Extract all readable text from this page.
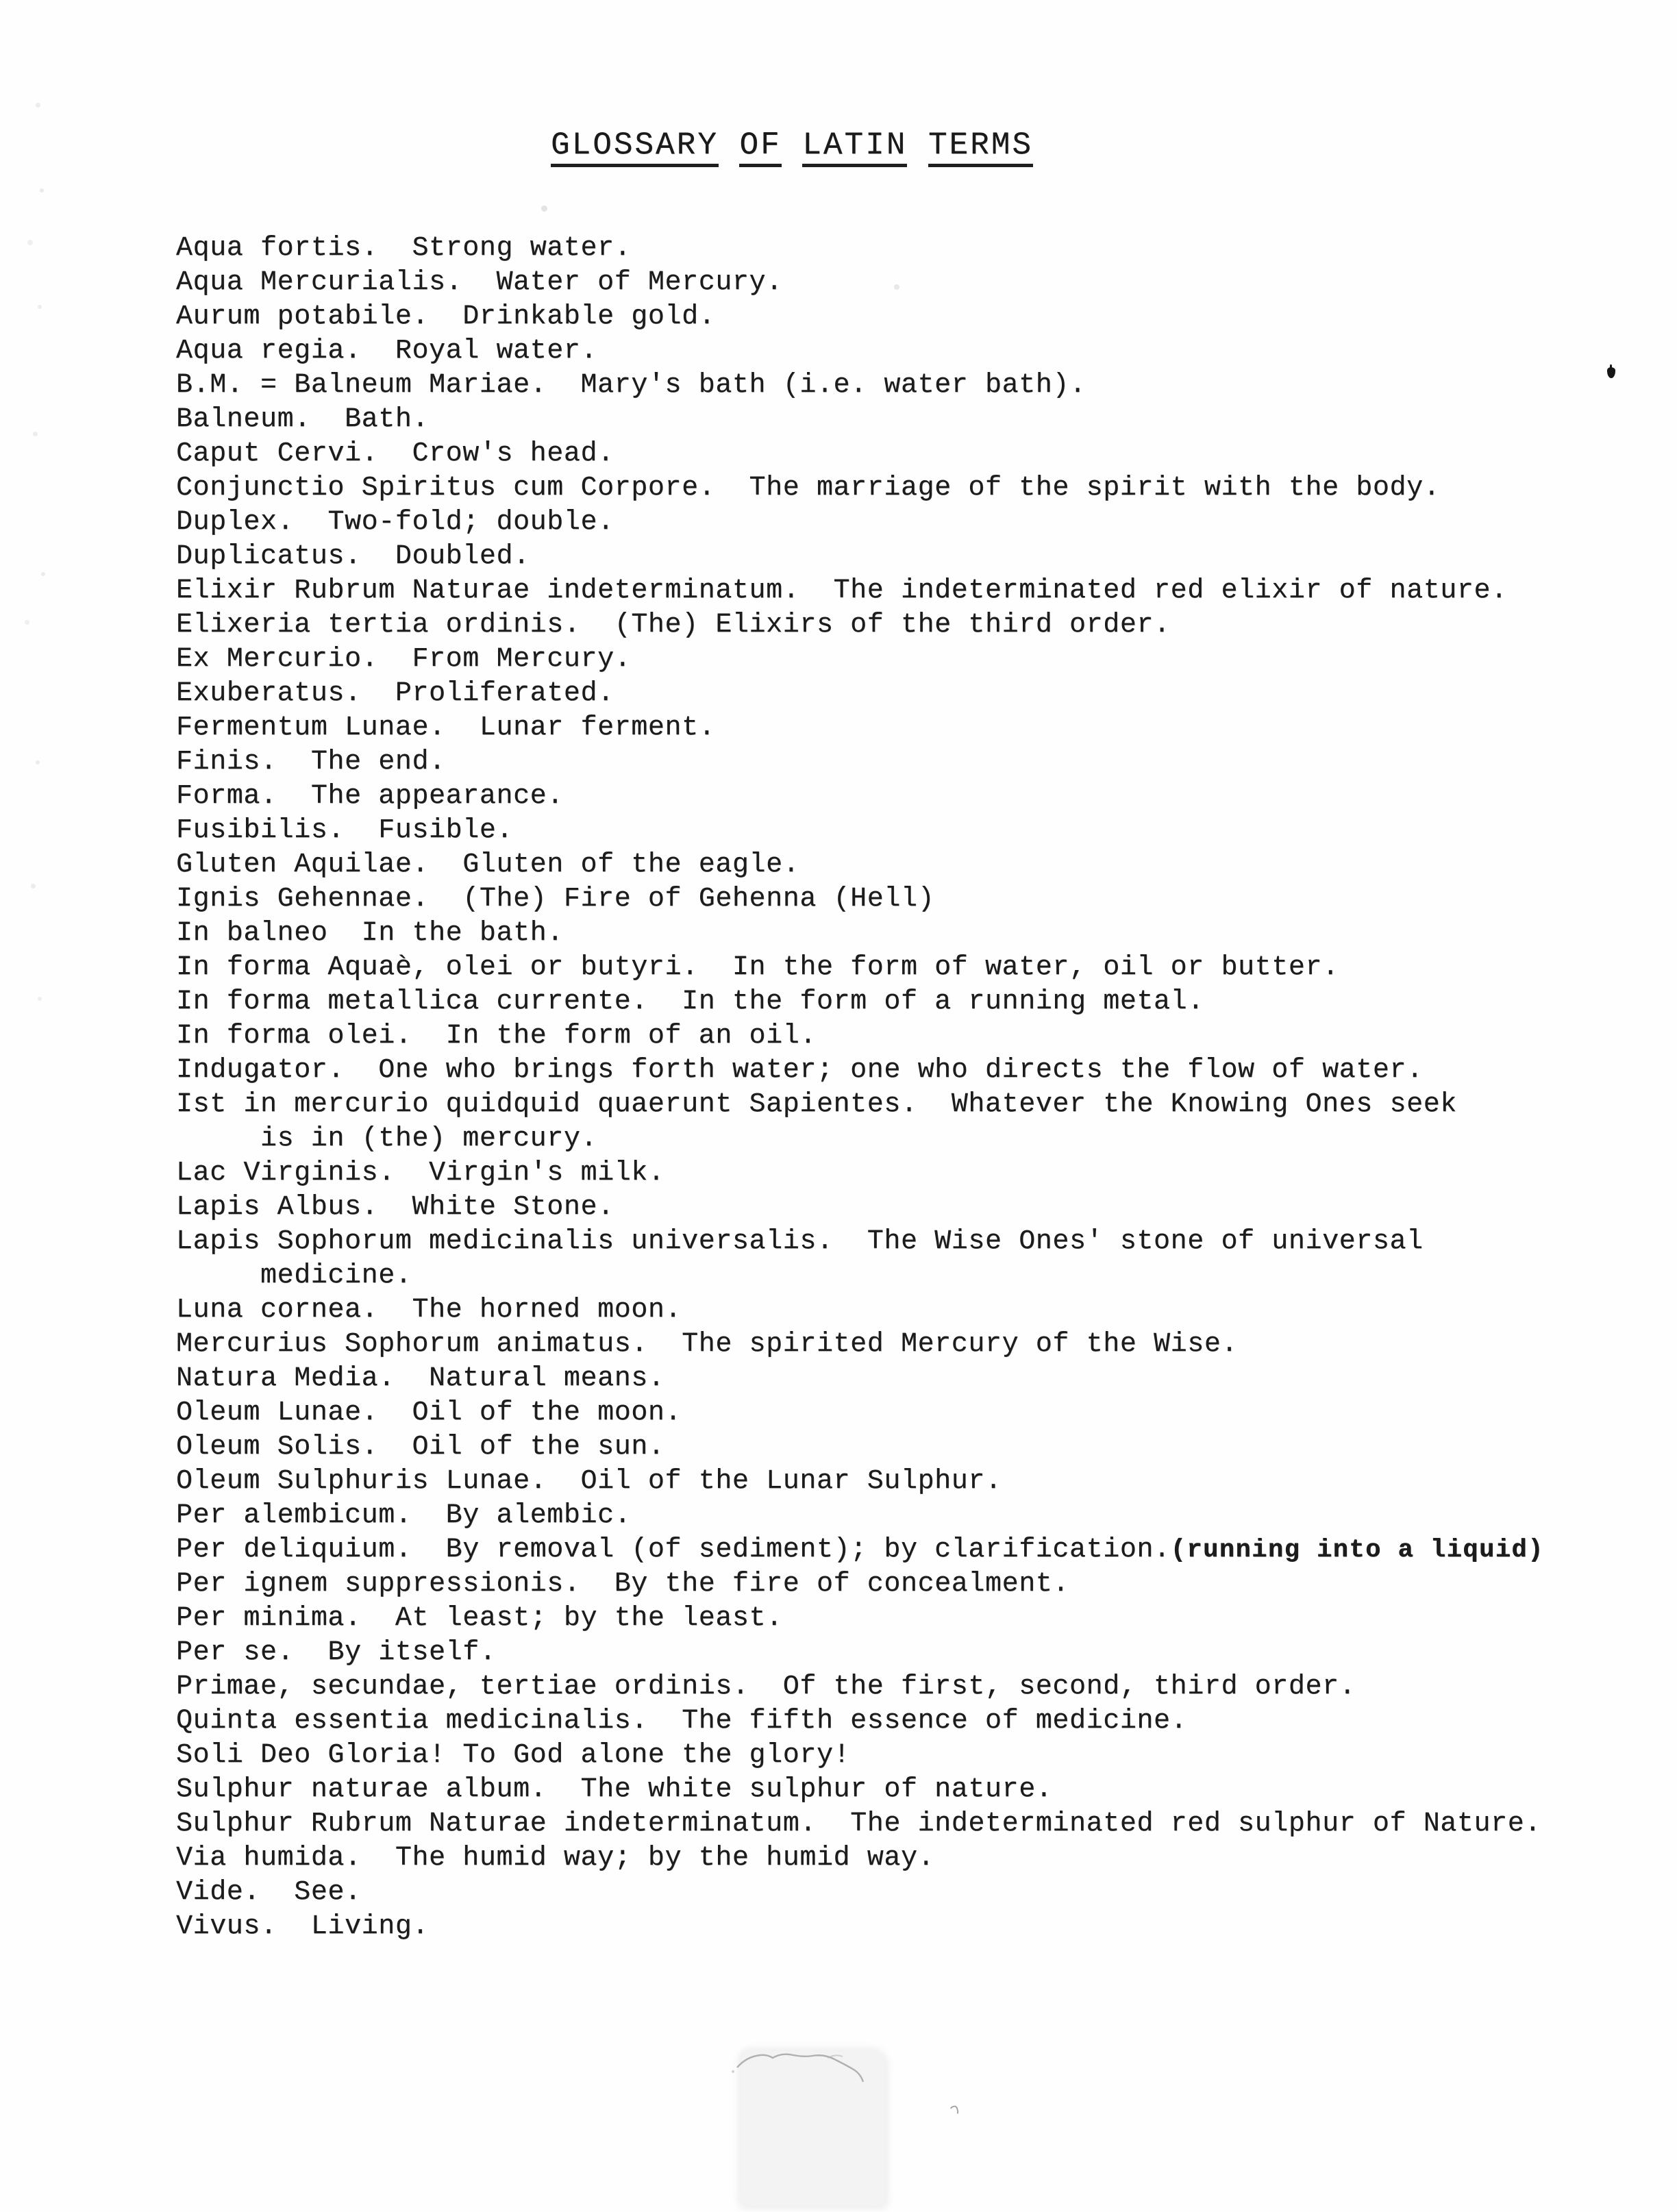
GLOSSARY OF LATIN TERMS
Aqua fortis.  Strong water.
Aqua Mercurialis.  Water of Mercury.
Aurum potabile.  Drinkable gold.
Aqua regia.  Royal water.
B.M. = Balneum Mariae.  Mary's bath (i.e. water bath).
Balneum.  Bath.
Caput Cervi.  Crow's head.
Conjunctio Spiritus cum Corpore.  The marriage of the spirit with the body.
Duplex.  Two-fold; double.
Duplicatus.  Doubled.
Elixir Rubrum Naturae indeterminatum.  The indeterminated red elixir of nature.
Elixeria tertia ordinis.  (The) Elixirs of the third order.
Ex Mercurio.  From Mercury.
Exuberatus.  Proliferated.
Fermentum Lunae.  Lunar ferment.
Finis.  The end.
Forma.  The appearance.
Fusibilis.  Fusible.
Gluten Aquilae.  Gluten of the eagle.
Ignis Gehennae.  (The) Fire of Gehenna (Hell)
In balneo  In the bath.
In forma Aquaè, olei or butyri.  In the form of water, oil or butter.
In forma metallica currente.  In the form of a running metal.
In forma olei.  In the form of an oil.
Indugator.  One who brings forth water; one who directs the flow of water.
Ist in mercurio quidquid quaerunt Sapientes.  Whatever the Knowing Ones seek
is in (the) mercury.
Lac Virginis.  Virgin's milk.
Lapis Albus.  White Stone.
Lapis Sophorum medicinalis universalis.  The Wise Ones' stone of universal
medicine.
Luna cornea.  The horned moon.
Mercurius Sophorum animatus.  The spirited Mercury of the Wise.
Natura Media.  Natural means.
Oleum Lunae.  Oil of the moon.
Oleum Solis.  Oil of the sun.
Oleum Sulphuris Lunae.  Oil of the Lunar Sulphur.
Per alembicum.  By alembic.
Per deliquium.  By removal (of sediment); by clarification.(running into a liquid)
Per ignem suppressionis.  By the fire of concealment.
Per minima.  At least; by the least.
Per se.  By itself.
Primae, secundae, tertiae ordinis.  Of the first, second, third order.
Quinta essentia medicinalis.  The fifth essence of medicine.
Soli Deo Gloria! To God alone the glory!
Sulphur naturae album.  The white sulphur of nature.
Sulphur Rubrum Naturae indeterminatum.  The indeterminated red sulphur of Nature.
Via humida.  The humid way; by the humid way.
Vide.  See.
Vivus.  Living.
